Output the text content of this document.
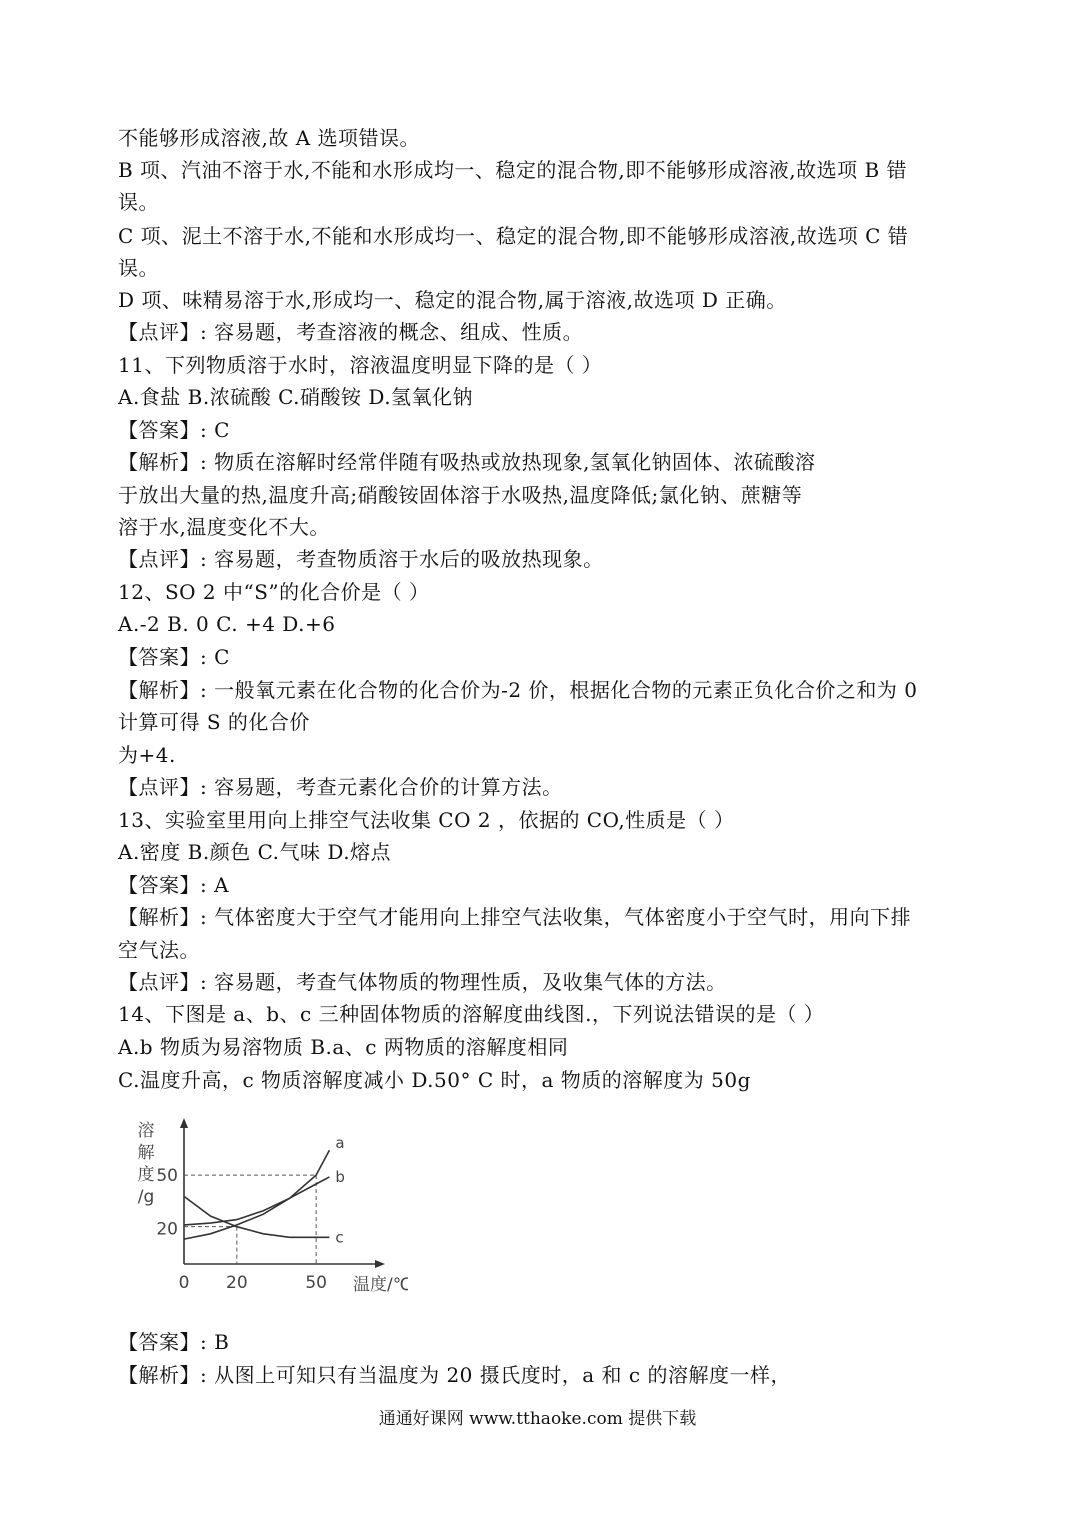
不能够形成溶液,故 A 选项错误。
B 项、汽油不溶于水,不能和水形成均一、稳定的混合物,即不能够形成溶液,故选项 B 错
误。
C 项、泥土不溶于水,不能和水形成均一、稳定的混合物,即不能够形成溶液,故选项 C 错
误。
D 项、味精易溶于水,形成均一、稳定的混合物,属于溶液,故选项 D 正确。
【点评】: 容易题，考查溶液的概念、组成、性质。
11、下列物质溶于水时，溶液温度明显下降的是（ ）
A.食盐 B.浓硫酸 C.硝酸铵 D.氢氧化钠
【答案】: C
【解析】: 物质在溶解时经常伴随有吸热或放热现象,氢氧化钠固体、浓硫酸溶
于放出大量的热,温度升高;硝酸铵固体溶于水吸热,温度降低;氯化钠、蔗糖等
溶于水,温度变化不大。
【点评】: 容易题，考查物质溶于水后的吸放热现象。
12、SO 2 中“S”的化合价是（ ）
A.-2 B. 0 C. +4 D.+6
【答案】: C
【解析】: 一般氧元素在化合物的化合价为-2 价，根据化合物的元素正负化合价之和为 0
计算可得 S 的化合价
为+4.
【点评】: 容易题，考查元素化合价的计算方法。
13、实验室里用向上排空气法收集 CO 2 ，依据的 CO,性质是（ ）
A.密度 B.颜色 C.气味 D.熔点
【答案】: A
【解析】: 气体密度大于空气才能用向上排空气法收集，气体密度小于空气时，用向下排
空气法。
【点评】: 容易题，考查气体物质的物理性质，及收集气体的方法。
14、下图是 a、b、c 三种固体物质的溶解度曲线图.，下列说法错误的是（ ）
A.b 物质为易溶物质 B.a、c 两物质的溶解度相同
C.温度升高，c 物质溶解度减小 D.50° C 时，a 物质的溶解度为 50g
【答案】: B
【解析】: 从图上可知只有当温度为 20 摄氏度时，a 和 c 的溶解度一样，
溶
解
度
/g
50
20
0 20	50 温度/℃
a
b
c
通通好课网 www.tthaoke.com 提供下载
